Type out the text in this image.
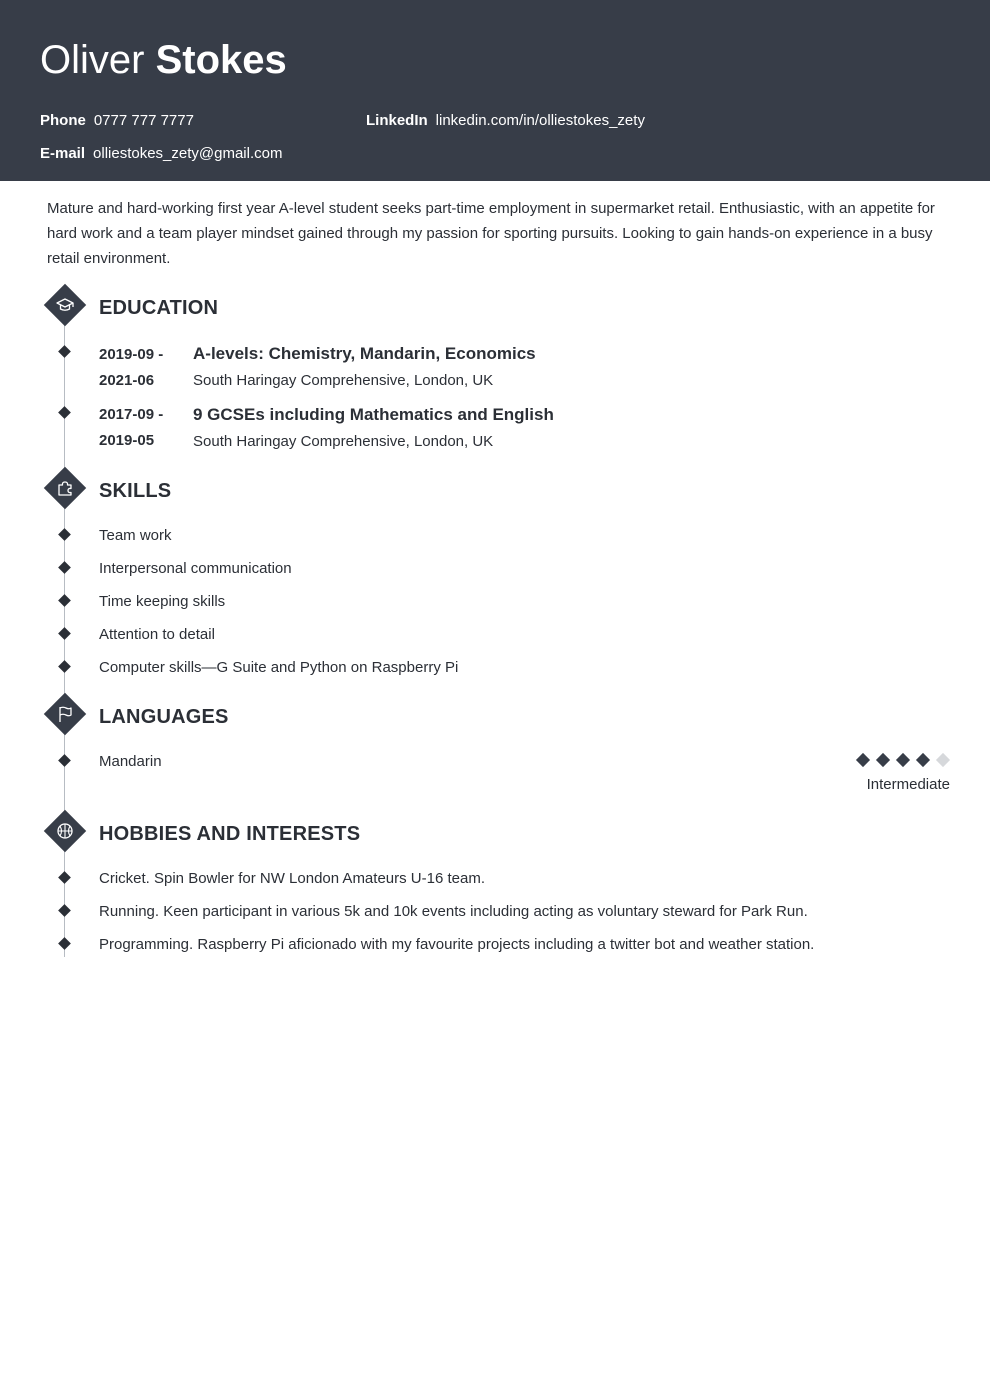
Oliver Stokes
Phone 0777 777 7777	LinkedIn linkedin.com/in/olliestokes_zety
E-mail olliestokes_zety@gmail.com
Mature and hard-working first year A-level student seeks part-time employment in supermarket retail. Enthusiastic, with an appetite for hard work and a team player mindset gained through my passion for sporting pursuits. Looking to gain hands-on experience in a busy retail environment.
EDUCATION
2019-09 -
2021-06
A-levels: Chemistry, Mandarin, Economics
South Haringay Comprehensive, London, UK
2017-09 -
2019-05
9 GCSEs including Mathematics and English
South Haringay Comprehensive, London, UK
SKILLS
Team work
Interpersonal communication
Time keeping skills
Attention to detail
Computer skills—G Suite and Python on Raspberry Pi
LANGUAGES
Mandarin
Intermediate
HOBBIES AND INTERESTS
Cricket. Spin Bowler for NW London Amateurs U-16 team.
Running. Keen participant in various 5k and 10k events including acting as voluntary steward for Park Run.
Programming. Raspberry Pi aficionado with my favourite projects including a twitter bot and weather station.
